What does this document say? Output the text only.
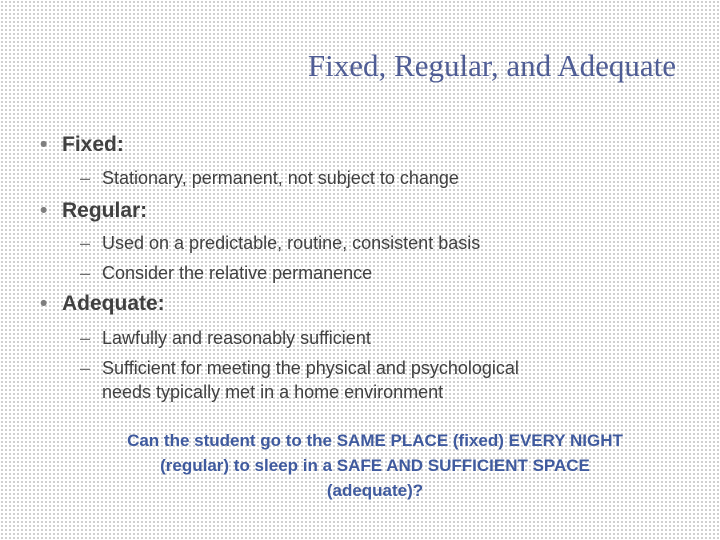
Fixed, Regular, and Adequate
• Fixed:
– Stationary, permanent, not subject to change
• Regular:
– Used on a predictable, routine, consistent basis
– Consider the relative permanence
• Adequate:
– Lawfully and reasonably sufficient
– Sufficient for meeting the physical and psychological
needs typically met in a home environment
Can the student go to the SAME PLACE (fixed) EVERY NIGHT
(regular) to sleep in a SAFE AND SUFFICIENT SPACE
(adequate)?
